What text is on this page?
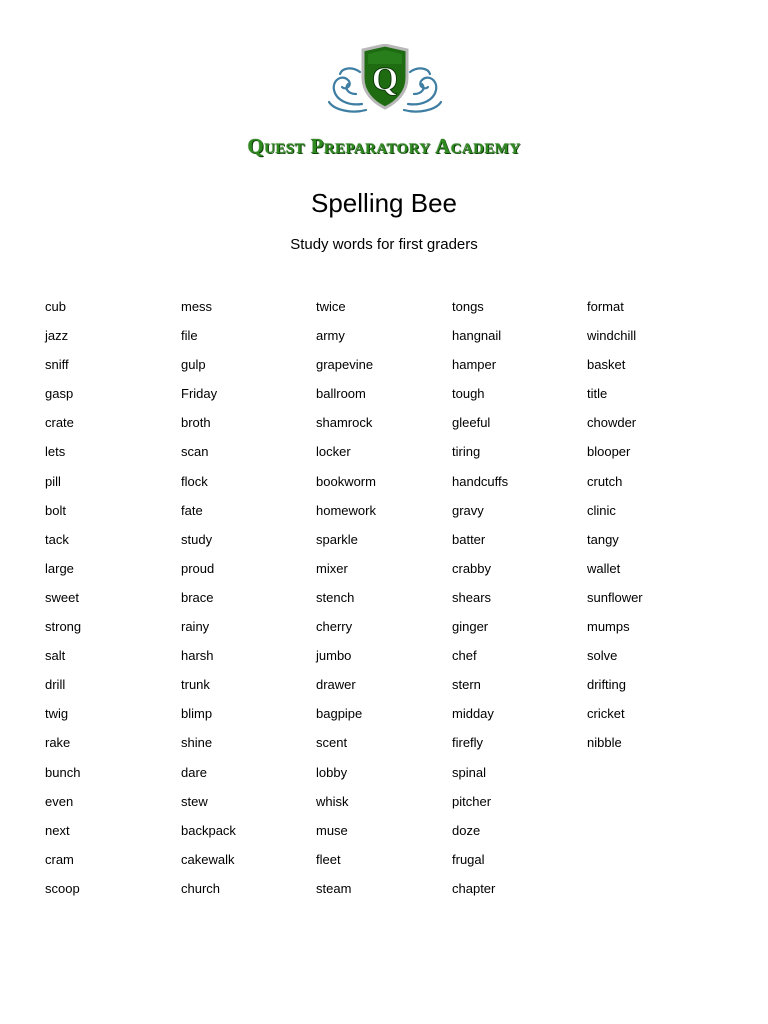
Q
Quest Preparatory Academy
Spelling Bee
Study words for first graders
cub
jazz
sniff
gasp
crate
lets
pill
bolt
tack
large
sweet
strong
salt
drill
twig
rake
bunch
even
next
cram
scoop
mess
file
gulp
Friday
broth
scan
flock
fate
study
proud
brace
rainy
harsh
trunk
blimp
shine
dare
stew
backpack
cakewalk
church
twice
army
grapevine
ballroom
shamrock
locker
bookworm
homework
sparkle
mixer
stench
cherry
jumbo
drawer
bagpipe
scent
lobby
whisk
muse
fleet
steam
tongs
hangnail
hamper
tough
gleeful
tiring
handcuffs
gravy
batter
crabby
shears
ginger
chef
stern
midday
firefly
spinal
pitcher
doze
frugal
chapter
format
windchill
basket
title
chowder
blooper
crutch
clinic
tangy
wallet
sunflower
mumps
solve
drifting
cricket
nibble
